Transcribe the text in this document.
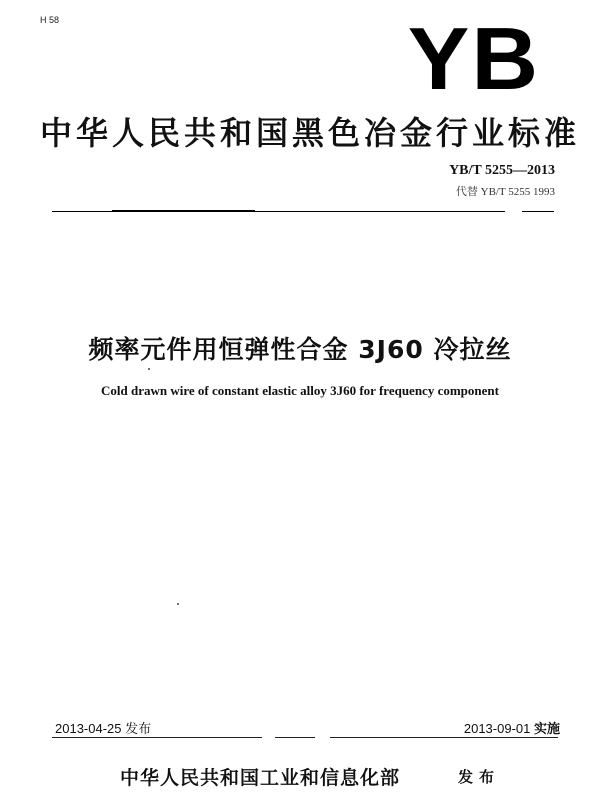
H 58	YB
中华人民共和国黑色冶金行业标准
YB/T 5255—2013
代替 YB/T 5255 1993
频率元件用恒弹性合金 3J60 冷拉丝
Cold drawn wire of constant elastic alloy 3J60 for frequency component
2013-04-25 发布	2013-09-01 实施
中华人民共和国工业和信息化部	发布
